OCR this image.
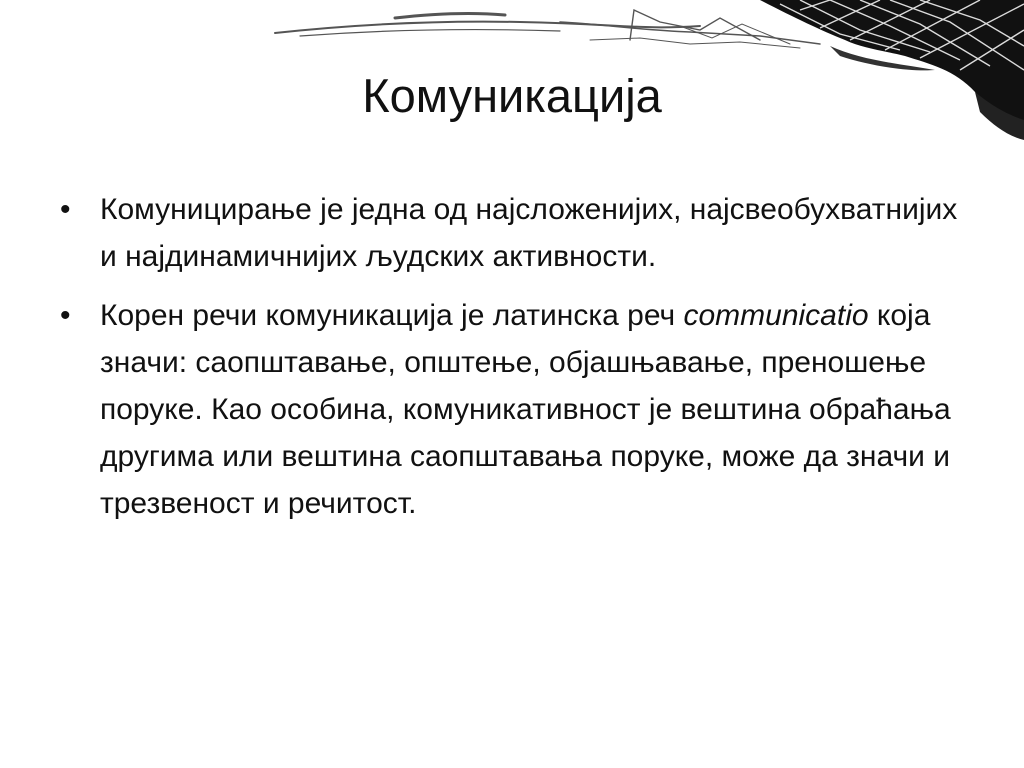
Комуникација
• Комуницирање је једна од најсложенијих, најсвеобухватнијих и најдинамичнијих људских активности.
• Корен речи комуникација је латинска реч communicatio која значи: саопштавање, општење, објашњавање, преношење поруке. Као особина, комуникативност је вештина обраћања другима или вештина саопштавања поруке, може да значи и трезвеност и речитост.
